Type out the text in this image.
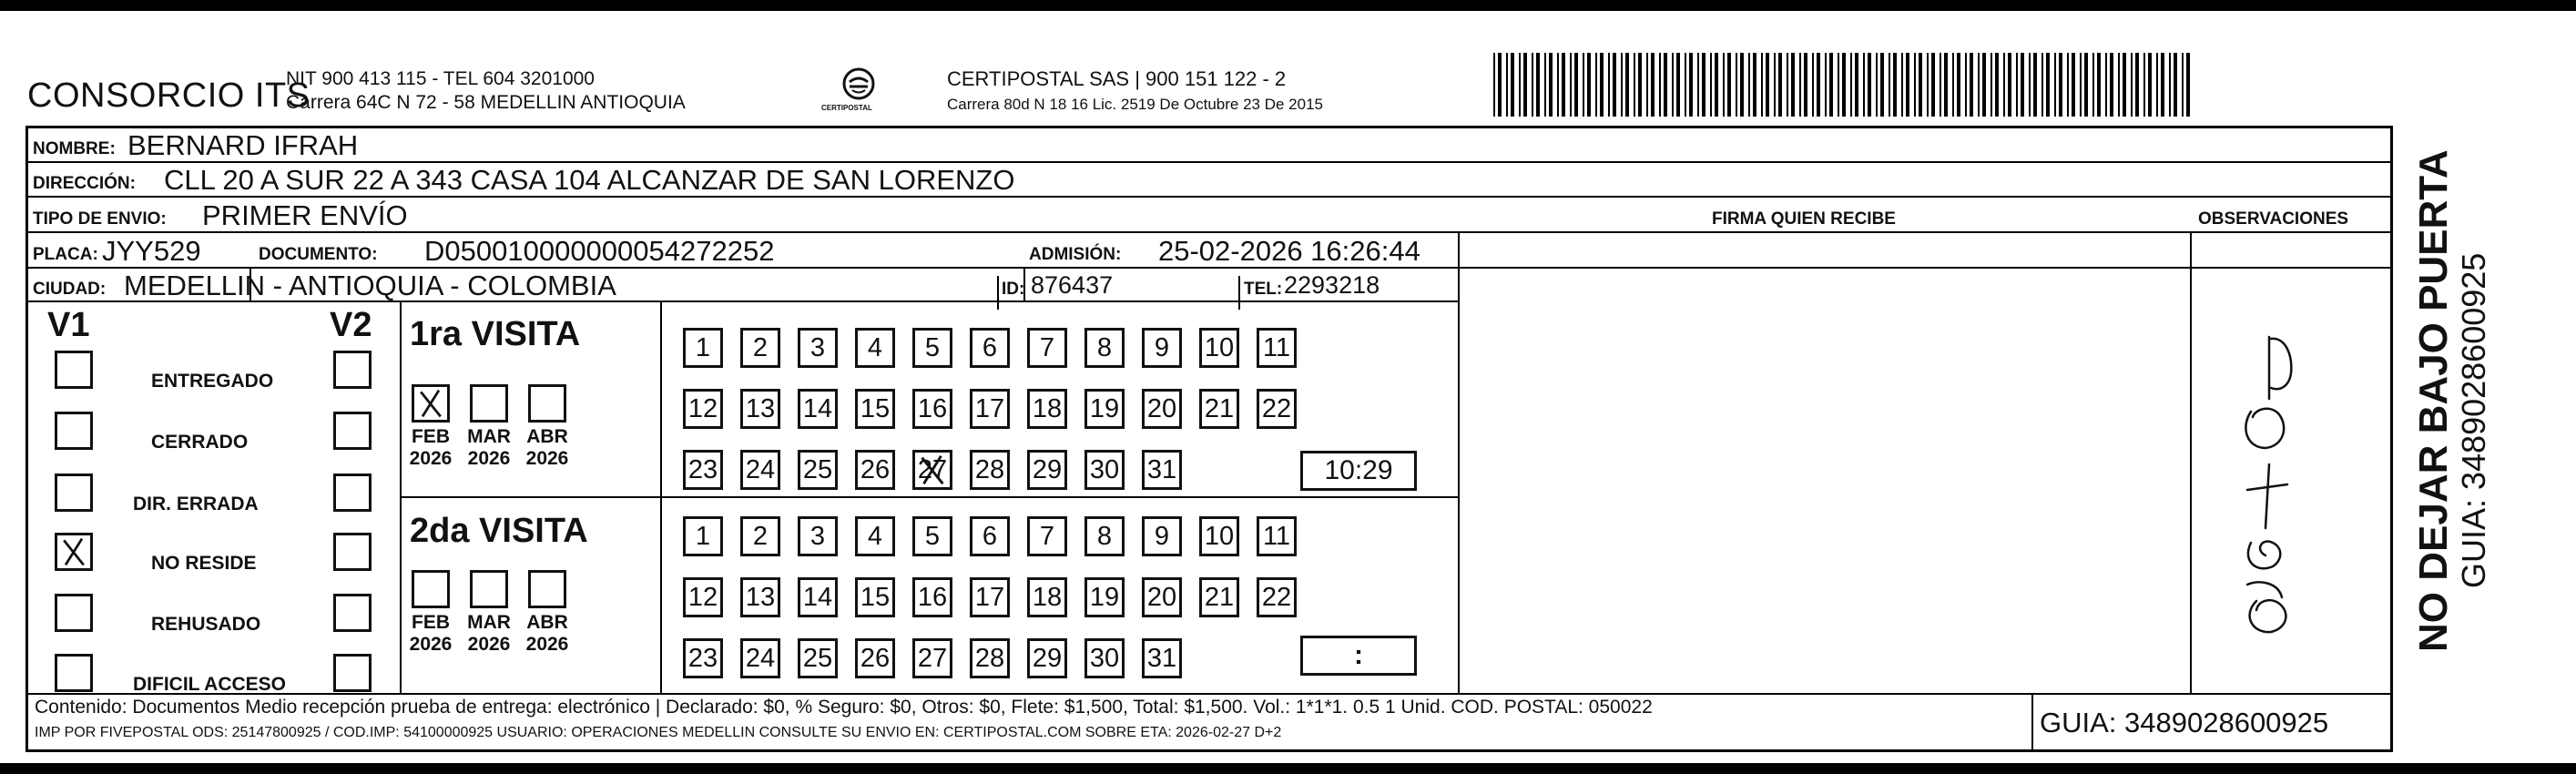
CONSORCIO ITS
NIT 900 413 115 - TEL 604 3201000
Carrera 64C N 72 - 58 MEDELLIN ANTIOQUIA	CERTIPOSTAL
CERTIPOSTAL SAS | 900 151 122 - 2
Carrera 80d N 18 16 Lic. 2519 De Octubre 23 De 2015
NOMBRE: BERNARD IFRAH
DIRECCIÓN: CLL 20 A SUR 22 A 343 CASA 104 ALCANZAR DE SAN LORENZO
TIPO DE ENVIO: PRIMER ENVÍO	FIRMA QUIEN RECIBE	OBSERVACIONES
PLACA: JYY529	DOCUMENTO: D050010000000054272252	ADMISIÓN: 25-02-2026 16:26:44
CIUDAD: MEDELLIN - ANTIOQUIA - COLOMBIA	ID: 876437	TEL: 2293218
V1	V2
ENTREGADO
CERRADO
DIR. ERRADA
NO RESIDE
REHUSADO
DIFICIL ACCESO
1ra VISITA
FEB
2026
MAR
2026
ABR
2026
1	2	3	4	5	6	7	8	9	10 11
12 13 14 15 16 17 18 19 20 21 22
23 24 25 26 27 28 29 30 31	10:29
2da VISITA
FEB
2026
MAR
2026
ABR
2026
1	2	3	4	5	6	7	8	9	10 11
12 13 14 15 16 17 18 19 20 21 22
23 24 25 26 27 28 29 30 31	:
Contenido: Documentos Medio recepción prueba de entrega: electrónico | Declarado: $0, % Seguro: $0, Otros: $0, Flete: $1,500, Total: $1,500. Vol.: 1*1*1. 0.5 1 Unid. COD. POSTAL: 050022
IMP POR FIVEPOSTAL ODS: 25147800925 / COD.IMP: 54100000925 USUARIO: OPERACIONES MEDELLIN CONSULTE SU ENVIO EN: CERTIPOSTAL.COM SOBRE ETA: 2026-02-27 D+2	GUIA: 3489028600925
NO DEJAR BAJO PUERTA GUIA: 3489028600925
